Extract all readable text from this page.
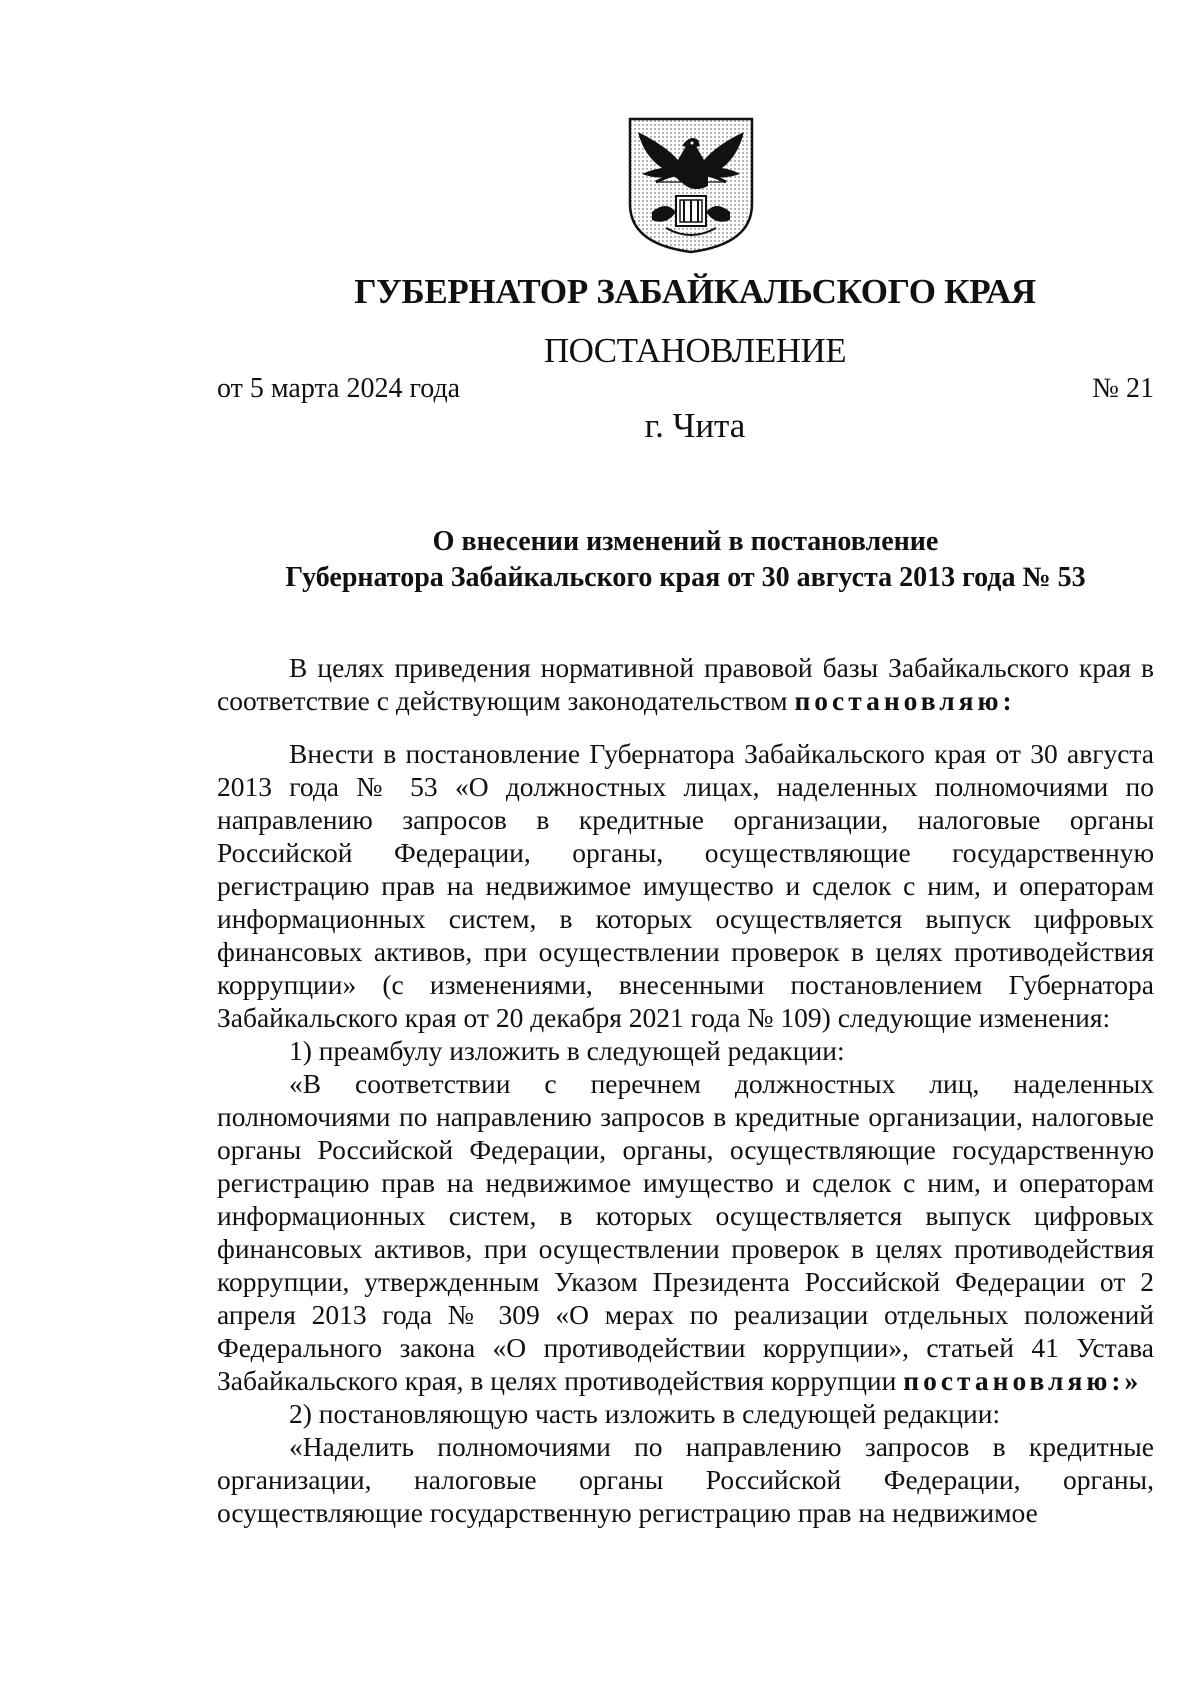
ГУБЕРНАТОР ЗАБАЙКАЛЬСКОГО КРАЯ
ПОСТАНОВЛЕНИЕ
от 5 марта 2024 года	№ 21
г. Чита
О внесении изменений в постановление
Губернатора Забайкальского края от 30 августа 2013 года № 53

В целях приведения нормативной правовой базы Забайкальского края в соответствие с действующим законодательством постановляю:

Внести в постановление Губернатора Забайкальского края от 30 августа 2013 года № 53 «О должностных лицах, наделенных полномочиями по направлению запросов в кредитные организации, налоговые органы Российской Федерации, органы, осуществляющие государственную регистрацию прав на недвижимое имущество и сделок с ним, и операторам информационных систем, в которых осуществляется выпуск цифровых финансовых активов, при осуществлении проверок в целях противодействия коррупции» (с изменениями, внесенными постановлением Губернатора Забайкальского края от 20 декабря 2021 года № 109) следующие изменения:

1) преамбулу изложить в следующей редакции:

«В соответствии с перечнем должностных лиц, наделенных полномочиями по направлению запросов в кредитные организации, налоговые органы Российской Федерации, органы, осуществляющие государственную регистрацию прав на недвижимое имущество и сделок с ним, и операторам информационных систем, в которых осуществляется выпуск цифровых финансовых активов, при осуществлении проверок в целях противодействия коррупции, утвержденным Указом Президента Российской Федерации от 2 апреля 2013 года № 309 «О мерах по реализации отдельных положений Федерального закона «О противодействии коррупции», статьей 41 Устава Забайкальского края, в целях противодействия коррупции постановляю:»

2) постановляющую часть изложить в следующей редакции:

«Наделить полномочиями по направлению запросов в кредитные организации, налоговые органы Российской Федерации, органы, осуществляющие государственную регистрацию прав на недвижимое
